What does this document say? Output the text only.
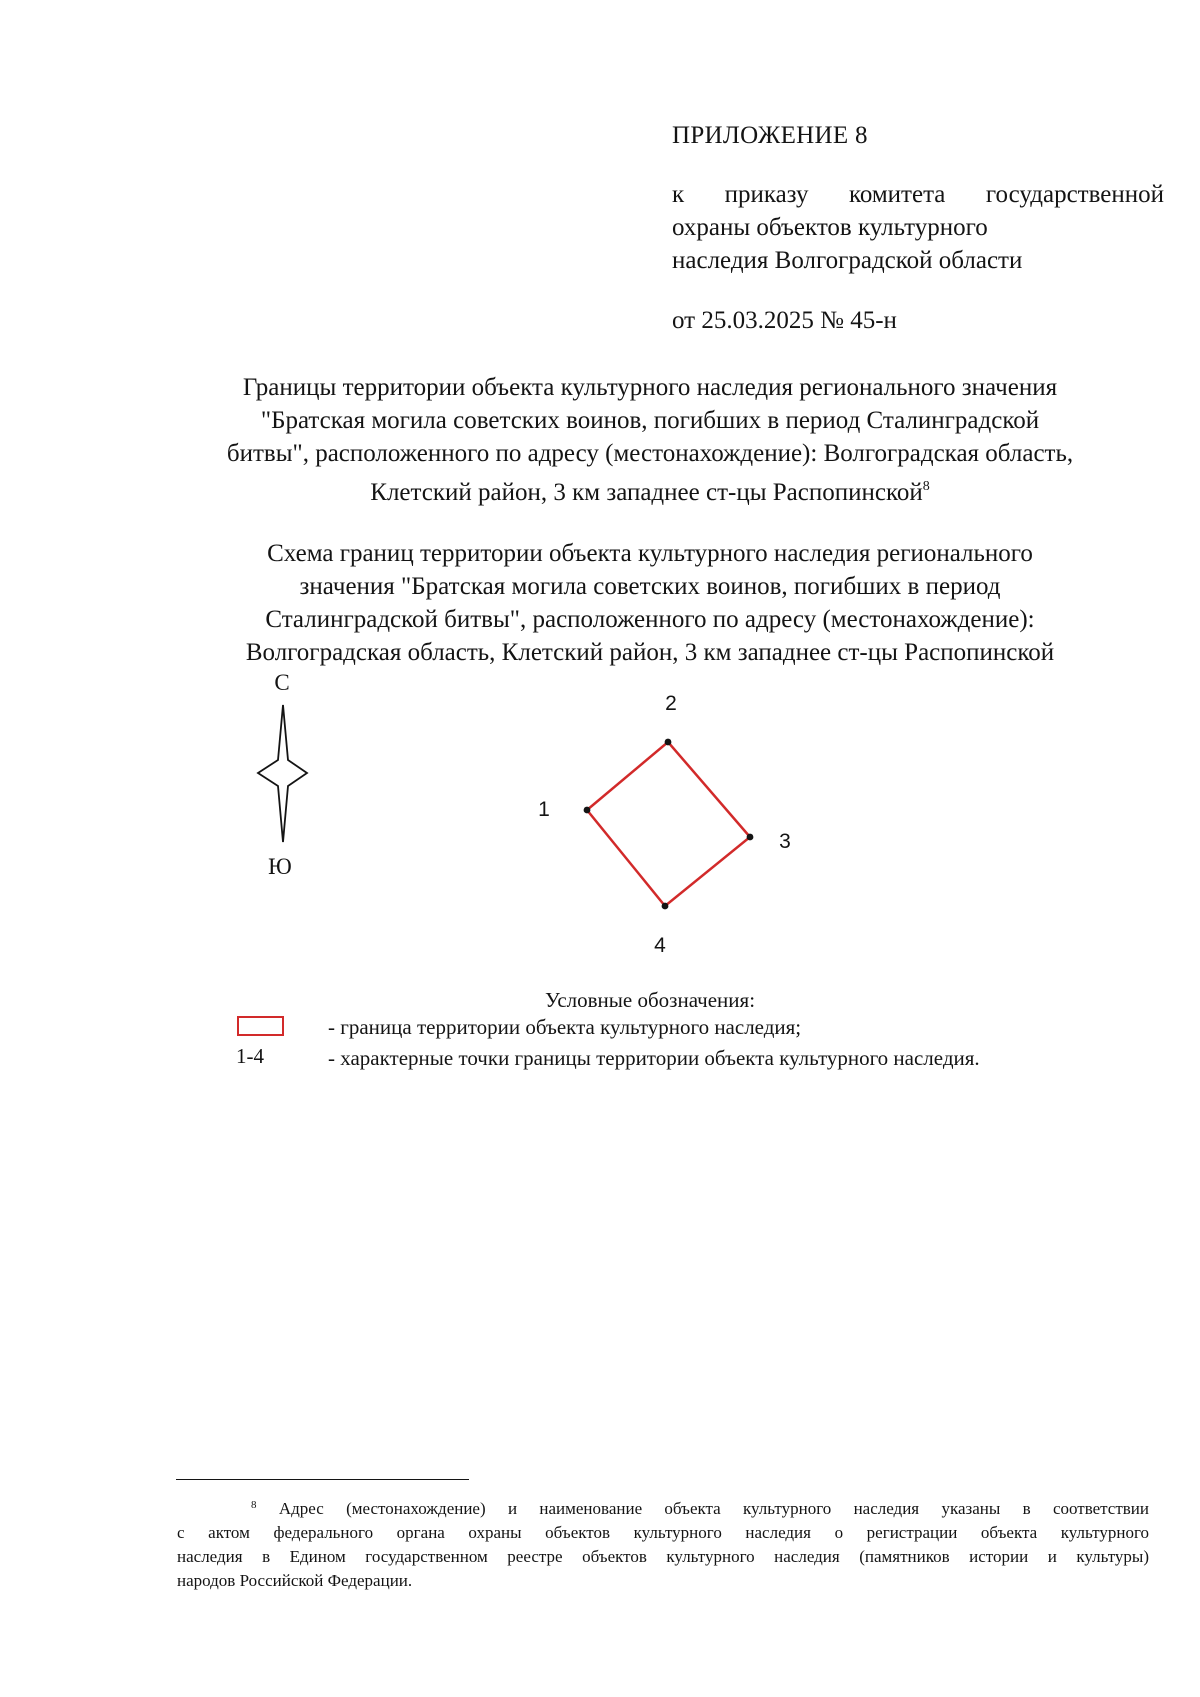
ПРИЛОЖЕНИЕ 8
к приказу комитета государственной
охраны объектов культурного
наследия Волгоградской области
от 25.03.2025 № 45-н
Границы территории объекта культурного наследия регионального значения
"Братская могила советских воинов, погибших в период Сталинградской
битвы", расположенного по адресу (местонахождение): Волгоградская область,
Клетский район, 3 км западнее ст-цы Распопинской$^8$
Схема границ территории объекта культурного наследия регионального
значения "Братская могила советских воинов, погибших в период
Сталинградской битвы", расположенного по адресу (местонахождение):
Волгоградская область, Клетский район, 3 км западнее ст-цы Распопинской
С
Ю
1
2
3
4
Условные обозначения:
- граница территории объекта культурного наследия;
1-4	- характерные точки границы территории объекта культурного наследия.
$^8$ Адрес (местонахождение) и наименование объекта культурного наследия указаны в соответствии
с актом федерального органа охраны объектов культурного наследия о регистрации объекта культурного
наследия в Едином государственном реестре объектов культурного наследия (памятников истории и культуры)
народов Российской Федерации.
